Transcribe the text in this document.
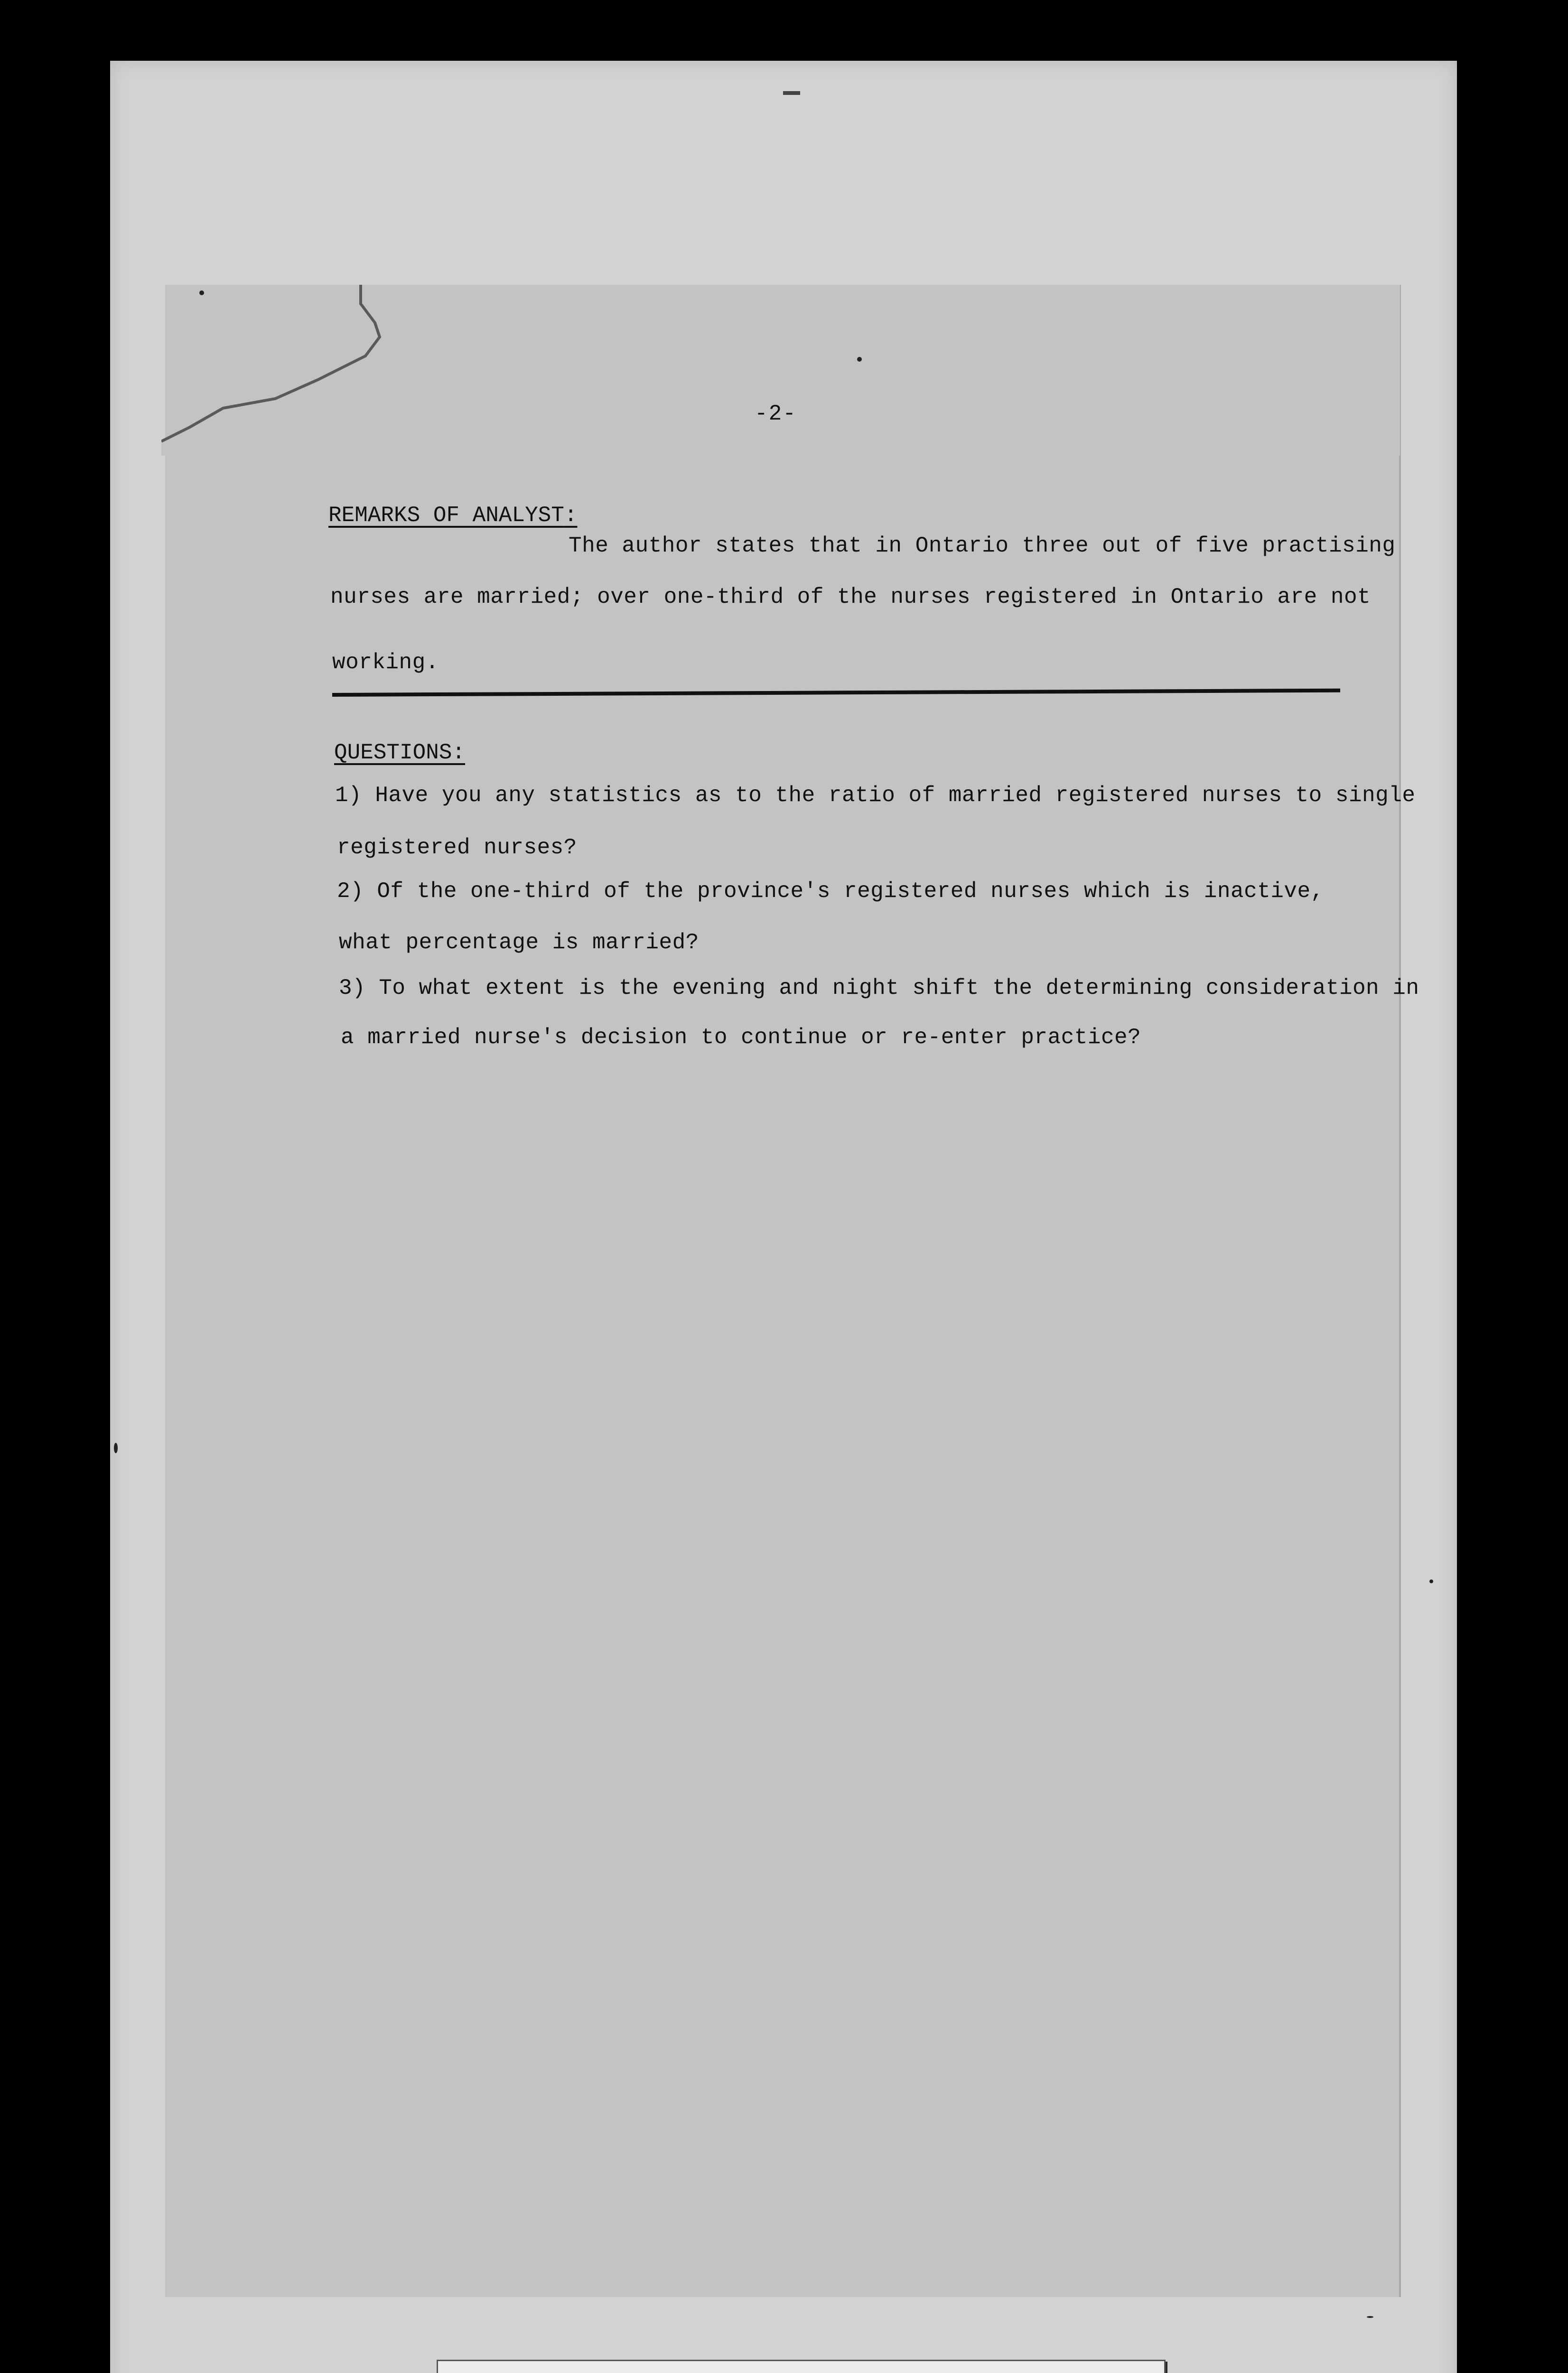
-2-
REMARKS OF ANALYST:
The author states that in Ontario three out of five practising
nurses are married; over one-third of the nurses registered in Ontario are not
working.
QUESTIONS:
1) Have you any statistics as to the ratio of married registered nurses to single
registered nurses?
2) Of the one-third of the province's registered nurses which is inactive,
what percentage is married?
3) To what extent is the evening and night shift the determining consideration in
a married nurse's decision to continue or re-enter practice?
